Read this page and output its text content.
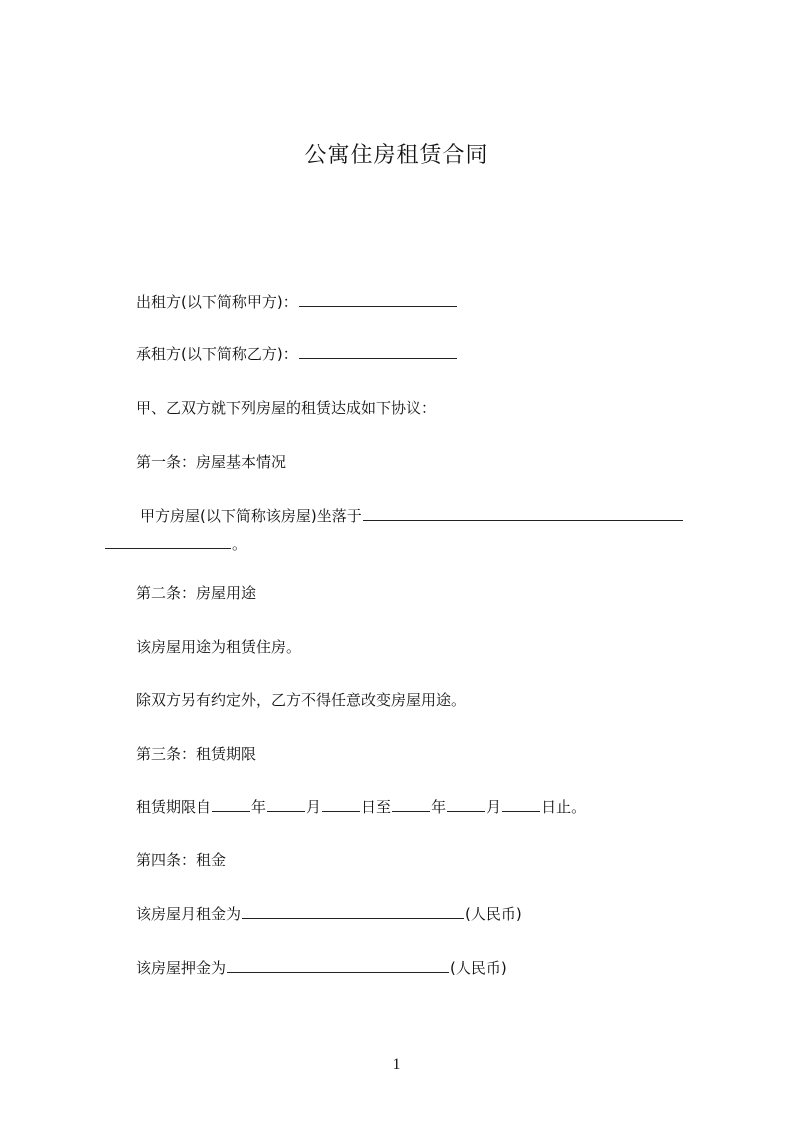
公寓住房租赁合同
出租方(以下简称甲方)：
承租方(以下简称乙方)：
甲、乙双方就下列房屋的租赁达成如下协议：
第一条：房屋基本情况
甲方房屋(以下简称该房屋)坐落于
。
第二条：房屋用途
该房屋用途为租赁住房。
除双方另有约定外，乙方不得任意改变房屋用途。
第三条：租赁期限
租赁期限自	年	月	日至	年	月	日止。
第四条：租金
该房屋月租金为	(人民币)
该房屋押金为	(人民币)
1
